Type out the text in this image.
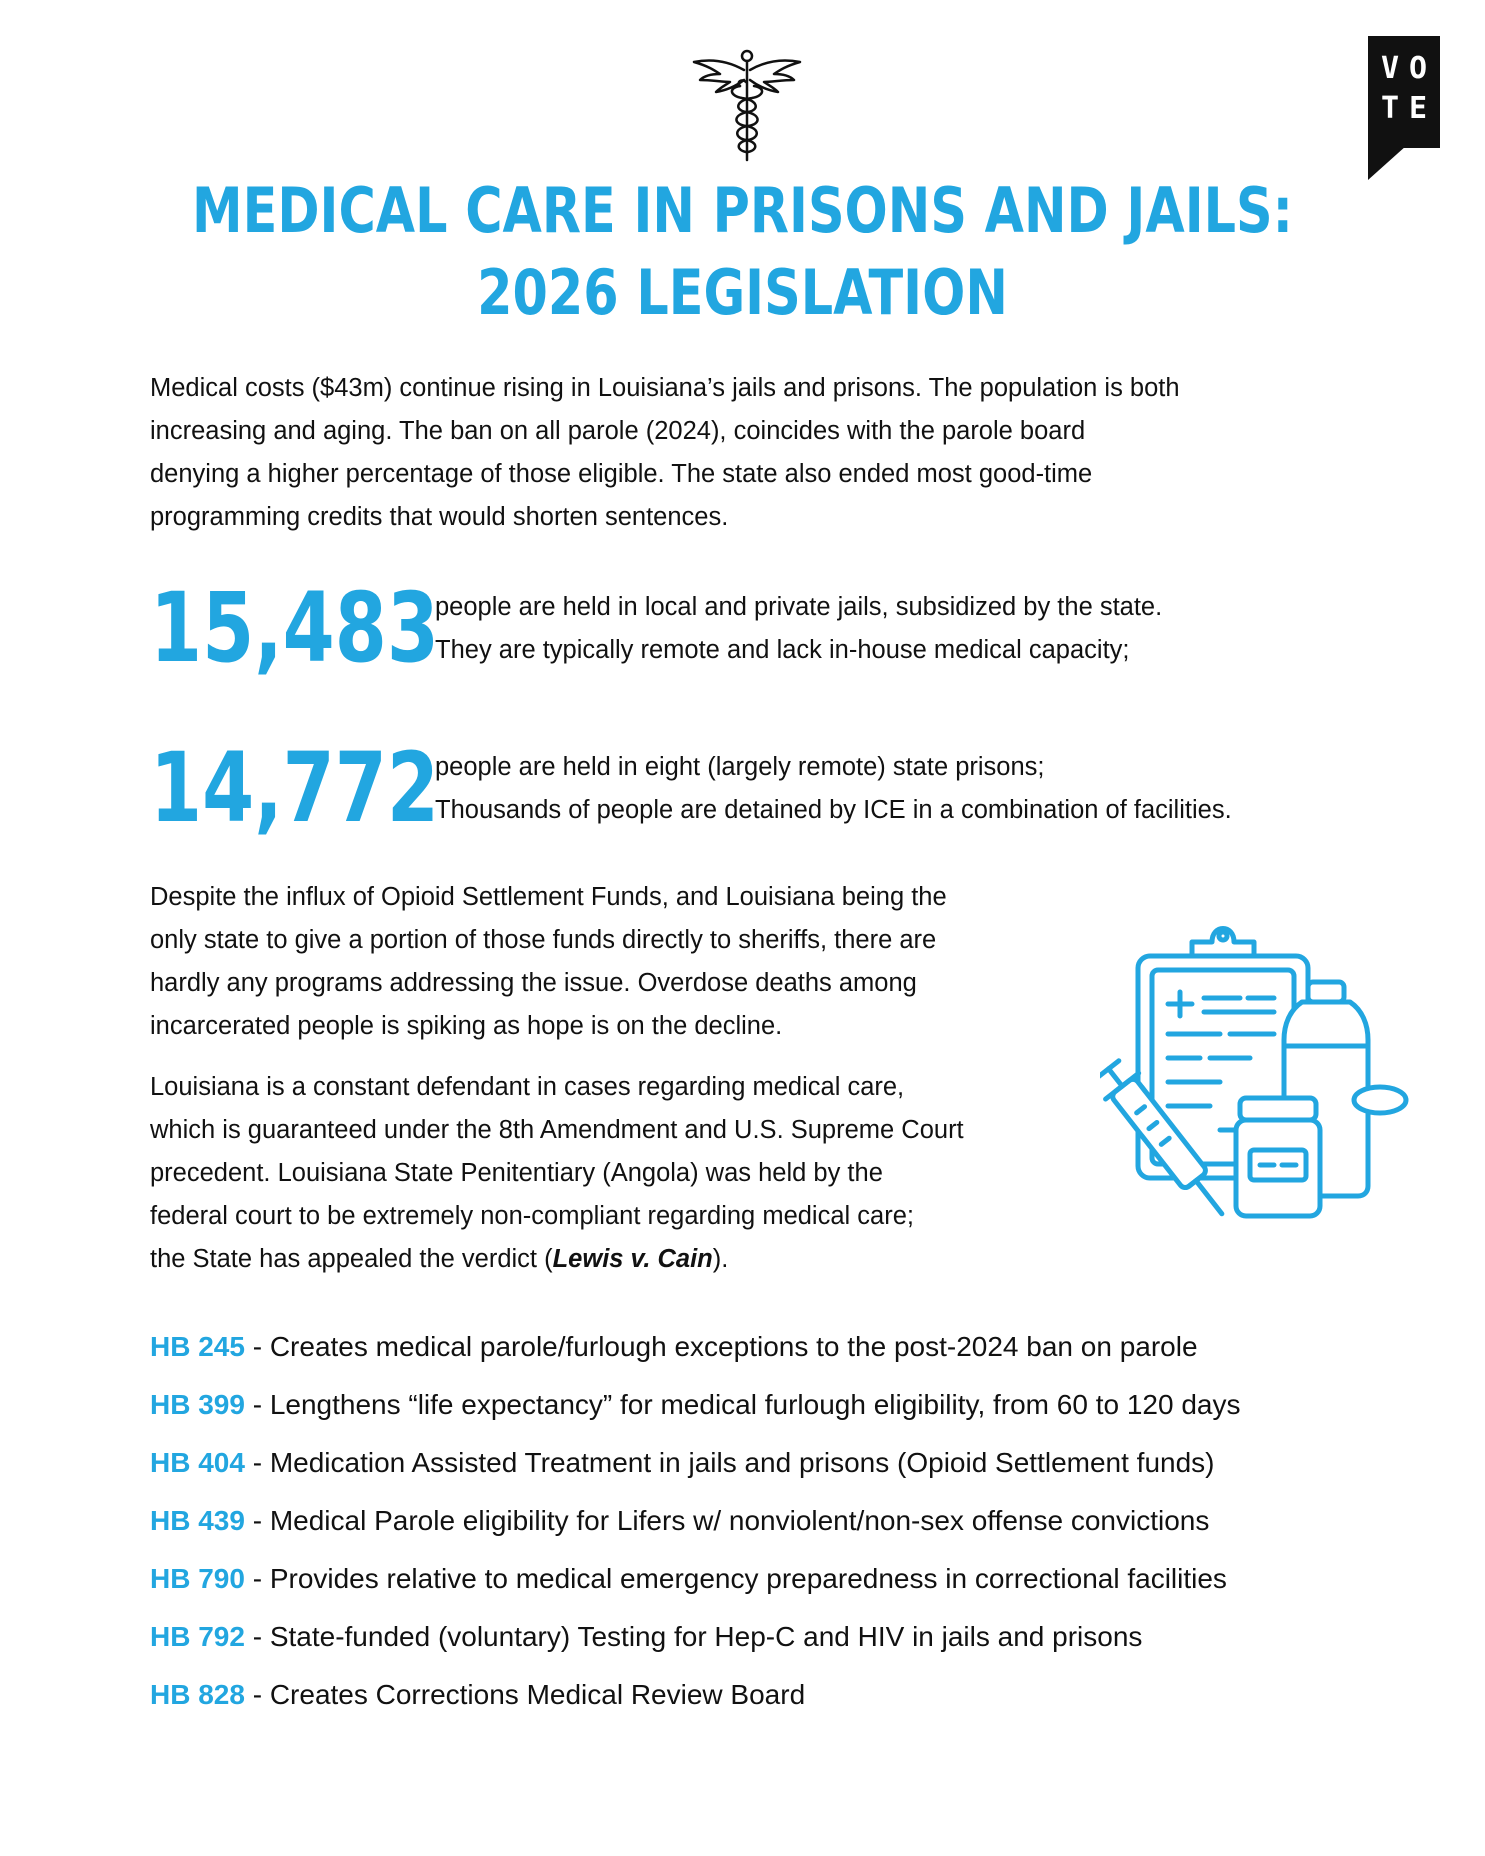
V O
T E
MEDICAL CARE IN PRISONS AND JAILS:
2026 LEGISLATION
Medical costs ($43m) continue rising in Louisiana’s jails and prisons. The population is both
increasing and aging. The ban on all parole (2024), coincides with the parole board
denying a higher percentage of those eligible. The state also ended most good-time
programming credits that would shorten sentences.
15,483
people are held in local and private jails, subsidized by the state.
They are typically remote and lack in-house medical capacity;
14,772
people are held in eight (largely remote) state prisons;
Thousands of people are detained by ICE in a combination of facilities.
Despite the influx of Opioid Settlement Funds, and Louisiana being the
only state to give a portion of those funds directly to sheriffs, there are
hardly any programs addressing the issue. Overdose deaths among
incarcerated people is spiking as hope is on the decline.
Louisiana is a constant defendant in cases regarding medical care,
which is guaranteed under the 8th Amendment and U.S. Supreme Court
precedent. Louisiana State Penitentiary (Angola) was held by the
federal court to be extremely non-compliant regarding medical care;
the State has appealed the verdict (Lewis v. Cain).
HB 245 - Creates medical parole/furlough exceptions to the post-2024 ban on parole
HB 399 - Lengthens “life expectancy” for medical furlough eligibility, from 60 to 120 days
HB 404 - Medication Assisted Treatment in jails and prisons (Opioid Settlement funds)
HB 439 - Medical Parole eligibility for Lifers w/ nonviolent/non-sex offense convictions
HB 790 - Provides relative to medical emergency preparedness in correctional facilities
HB 792 - State-funded (voluntary) Testing for Hep-C and HIV in jails and prisons
HB 828 - Creates Corrections Medical Review Board
